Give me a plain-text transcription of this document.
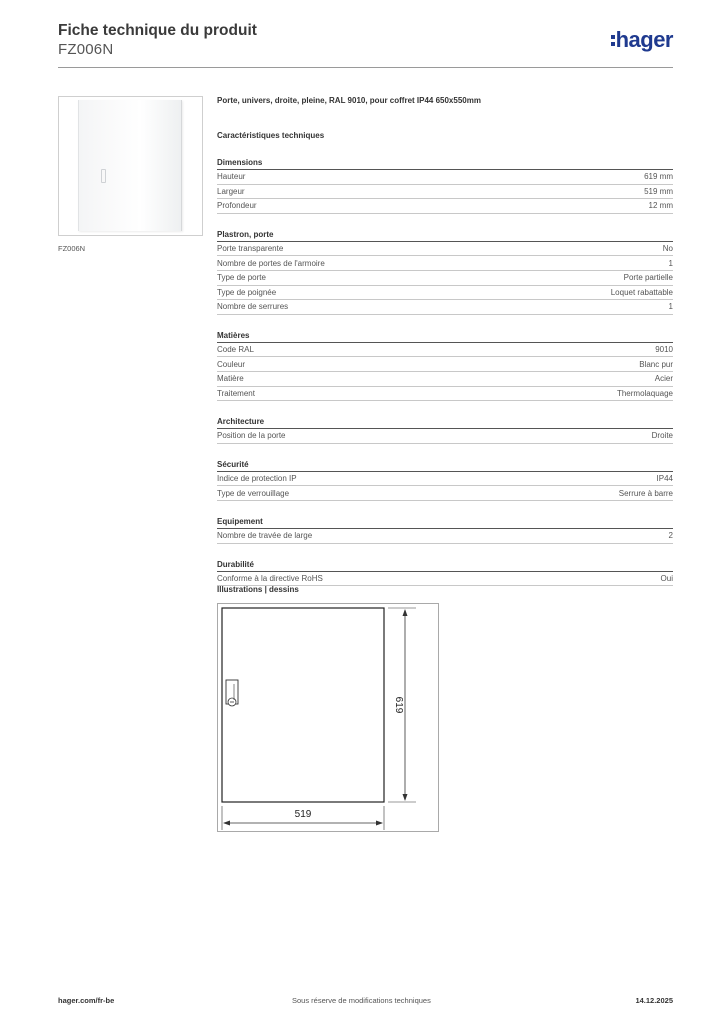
Fiche technique du produit
FZ006N	hager
FZ006N
Porte, univers, droite, pleine, RAL 9010, pour coffret IP44 650x550mm
Caractéristiques techniques
Dimensions
Hauteur	619 mm
Largeur	519 mm
Profondeur	12 mm
Plastron, porte
Porte transparente	No
Nombre de portes de l'armoire	1
Type de porte	Porte partielle
Type de poignée	Loquet rabattable
Nombre de serrures	1
Matières
Code RAL	9010
Couleur	Blanc pur
Matière	Acier
Traitement	Thermolaquage
Architecture
Position de la porte	Droite
Sécurité
Indice de protection IP	IP44
Type de verrouillage	Serrure à barre
Equipement
Nombre de travée de large	2
Durabilité
Conforme à la directive RoHS	Oui
Illustrations | dessins
619
519
hager.com/fr-be	Sous réserve de modifications techniques	14.12.2025
